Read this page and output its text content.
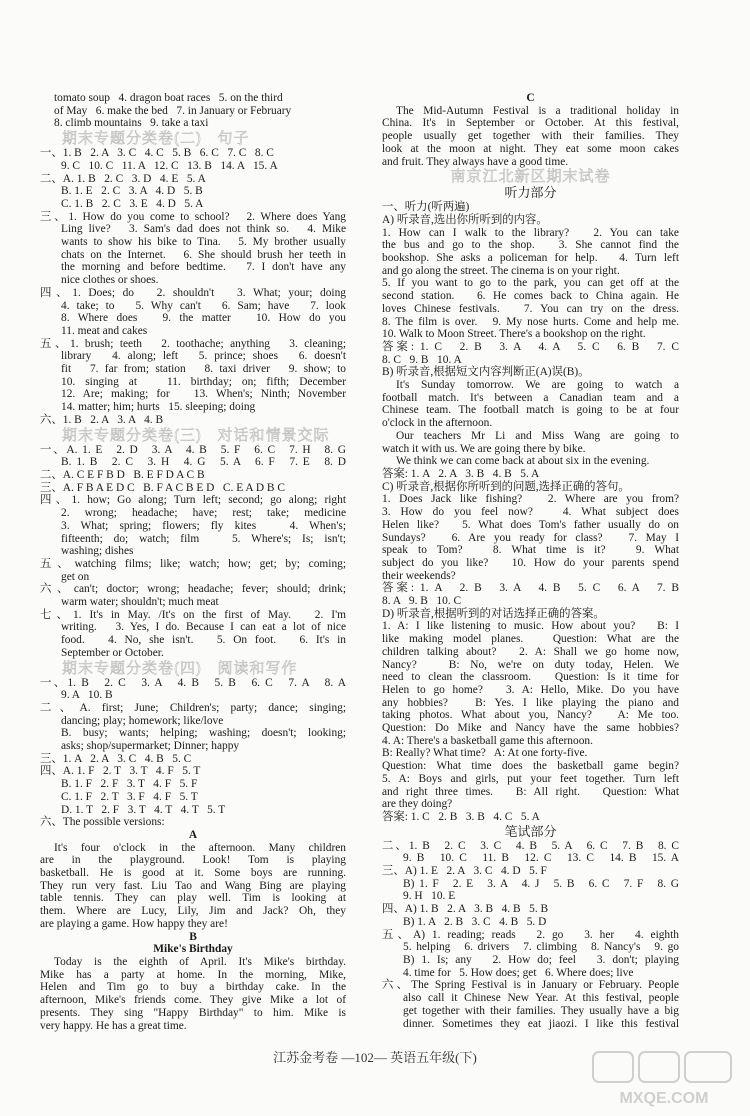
tomato soup   4. dragon boat races   5. on the third
of May   6. make the bed   7. in January or February
8. climb mountains   9. take a taxi
期末专题分类卷(二)   句子
一、1. B   2. A   3. C   4. C   5. B   6. C   7. C   8. C
9. C   10. C   11. A   12. C   13. B   14. A   15. A
二、A. 1. B   2. C   3. D   4. E   5. A
B. 1. E   2. C   3. A   4. D   5. B
C. 1. B   2. C   3. E   4. D   5. A
三、1. How do you come to school?   2. Where does Yang
Ling live?   3. Sam's dad does not think so.   4. Mike
wants to show his bike to Tina.   5. My brother usually
chats on the Internet.   6. She should brush her teeth in
the morning and before bedtime.   7. I don't have any
nice clothes or shoes.
四、1. Does; do   2. shouldn't   3. What; your; doing
4. take; to   5. Why can't   6. Sam; have   7. look
8. Where does   9. the matter   10. How do you
11. meat and cakes
五、1. brush; teeth   2. toothache; anything   3. cleaning;
library   4. along; left   5. prince; shoes   6. doesn't
fit   7. far from; station   8. taxi driver   9. show; to
10. singing at   11. birthday; on; fifth; December
12. Are; making; for   13. When's; Ninth; November
14. matter; him; hurts   15. sleeping; doing
六、1. B   2. A   3. A   4. B
期末专题分类卷(三)   对话和情景交际
一、A. 1. E   2. D   3. A   4. B   5. F   6. C   7. H   8. G
B. 1. B   2. C   3. H   4. G   5. A   6. F   7. E   8. D
二、A. C E F B D   B. E F D A C B
三、A. F B A E D C   B. F A C B E D   C. E A D B C
四、1. how; Go along; Turn left; second; go along; right
2. wrong; headache; have; rest; take; medicine
3. What; spring; flowers; fly kites   4. When's;
fifteenth; do; watch; film   5. Where's; Is; isn't;
washing; dishes
五、watching films; like; watch; how; get; by; coming;
get on
六、can't; doctor; wrong; headache; fever; should; drink;
warm water; shouldn't; much meat
七、1. It's in May. /It's on the first of May.   2. I'm
writing.   3. Yes, I do. Because I can eat a lot of nice
food.   4. No, she isn't.   5. On foot.   6. It's in
September or October.
期末专题分类卷(四)   阅读和写作
一、1. B   2. C   3. A   4. B   5. B   6. C   7. A   8. A
9. A   10. B
二、A. first; June; Children's; party; dance; singing;
dancing; play; homework; like/love
B. busy; wants; helping; washing; doesn't; looking;
asks; shop/supermarket; Dinner; happy
三、1. A   2. A   3. C   4. B   5. C
四、A. 1. F   2. T   3. T   4. F   5. T
B. 1. F   2. F   3. T   4. F   5. F
C. 1. F   2. T   3. F   4. F   5. T
D. 1. T   2. F   3. T   4. T   4. T   5. T
六、The possible versions:
A
It's four o'clock in the afternoon. Many children
are in the playground. Look! Tom is playing
basketball. He is good at it. Some boys are running.
They run very fast. Liu Tao and Wang Bing are playing
table tennis. They can play well. Tim is looking at
them. Where are Lucy, Lily, Jim and Jack? Oh, they
are playing a game. How happy they are!
B
Mike's Birthday
Today is the eighth of April. It's Mike's birthday.
Mike has a party at home. In the morning, Mike,
Helen and Tim go to buy a birthday cake. In the
afternoon, Mike's friends come. They give Mike a lot of
presents. They sing "Happy Birthday" to him. Mike is
very happy. He has a great time.
C
The Mid-Autumn Festival is a traditional holiday in
China. It's in September or October. At this festival,
people usually get together with their families. They
look at the moon at night. They eat some moon cakes
and fruit. They always have a good time.
南京江北新区期末试卷
听力部分
一、听力(听两遍)
A) 听录音,选出你所听到的内容。
1. How can I walk to the library?   2. You can take
the bus and go to the shop.   3. She cannot find the
bookshop. She asks a policeman for help.   4. Turn left
and go along the street. The cinema is on your right.
5. If you want to go to the park, you can get off at the
second station.   6. He comes back to China again. He
loves Chinese festivals.   7. You can try on the dress.
8. The film is over.   9. My nose hurts. Come and help me.
10. Walk to Moon Street. There's a bookshop on the right.
答案: 1. C   2. B   3. A   4. A   5. C   6. B   7. C
8. C   9. B   10. A
B) 听录音,根据短文内容判断正(A)误(B)。
It's Sunday tomorrow. We are going to watch a
football match. It's between a Canadian team and a
Chinese team. The football match is going to be at four
o'clock in the afternoon.
Our teachers Mr Li and Miss Wang are going to
watch it with us. We are going there by bike.
We think we can come back at about six in the evening.
答案: 1. A   2. A   3. B   4. B   5. A
C) 听录音,根据你所听到的问题,选择正确的答句。
1. Does Jack like fishing?   2. Where are you from?
3. How do you feel now?   4. What subject does
Helen like?   5. What does Tom's father usually do on
Sundays?   6. Are you ready for class?   7. May I
speak to Tom?   8. What time is it?   9. What
subject do you like?   10. How do your parents spend
their weekends?
答案: 1. A   2. B   3. A   4. B   5. C   6. A   7. B
8. A   9. B   10. C
D) 听录音,根据听到的对话选择正确的答案。
1. A: I like listening to music. How about you?   B: I
like making model planes.   Question: What are the
children talking about?   2. A: Shall we go home now,
Nancy?   B: No, we're on duty today, Helen. We
need to clean the classroom.   Question: Is it time for
Helen to go home?   3. A: Hello, Mike. Do you have
any hobbies?   B: Yes. I like playing the piano and
taking photos. What about you, Nancy?   A: Me too.
Question: Do Mike and Nancy have the same hobbies?
4. A: There's a basketball game this afternoon.
B: Really? What time?   A: At one forty-five.
Question: What time does the basketball game begin?
5. A: Boys and girls, put your feet together. Turn left
and right three times.   B: All right.   Question: What
are they doing?
答案: 1. C   2. B   3. B   4. C   5. A
笔试部分
二、1. B   2. C   3. C   4. B   5. A   6. C   7. B   8. C
9. B   10. C   11. B   12. C   13. C   14. B   15. A
三、A) 1. E   2. A   3. C   4. D   5. F
B) 1. F   2. E   3. A   4. J   5. B   6. C   7. F   8. G
9. H   10. E
四、A) 1. B   2. A   3. B   4. B   5. B
B) 1. A   2. B   3. C   4. B   5. D
五、A) 1. reading; reads   2. go   3. her   4. eighth
5. helping   6. drivers   7. climbing   8. Nancy's   9. go
B) 1. Is; any   2. How do; feel   3. don't; playing
4. time for   5. How does; get   6. Where does; live
六、The Spring Festival is in January or February. People
also call it Chinese New Year. At this festival, people
get together with their families. They usually have a big
dinner. Sometimes they eat jiaozi. I like this festival
江苏金考卷 —102— 英语五年级(下)
MXQE.COM
